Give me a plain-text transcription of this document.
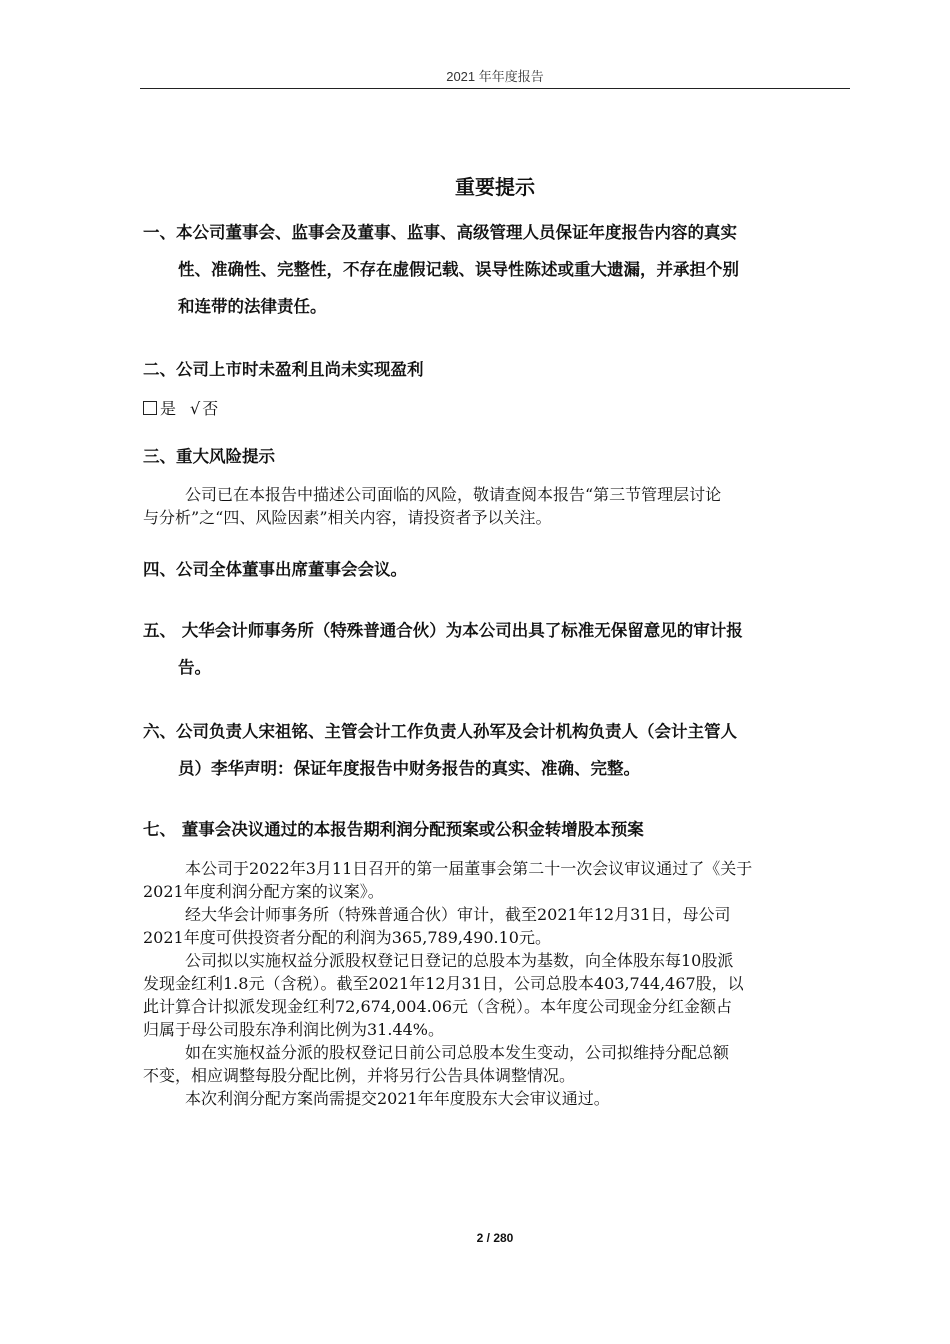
2021 年年度报告
重要提示
一、本公司董事会、监事会及董事、监事、高级管理人员保证年度报告内容的真实
性、准确性、完整性，不存在虚假记载、误导性陈述或重大遗漏，并承担个别
和连带的法律责任。
二、公司上市时未盈利且尚未实现盈利
是 √ 否
三、重大风险提示
公司已在本报告中描述公司面临的风险，敬请查阅本报告“第三节管理层讨论
与分析”之“四、风险因素”相关内容，请投资者予以关注。
四、公司全体董事出席董事会会议。
五、 大华会计师事务所（特殊普通合伙）为本公司出具了标准无保留意见的审计报
告。
六、公司负责人宋祖铭、主管会计工作负责人孙军及会计机构负责人（会计主管人
员）李华声明：保证年度报告中财务报告的真实、准确、完整。
七、 董事会决议通过的本报告期利润分配预案或公积金转增股本预案
本公司于2022年3月11日召开的第一届董事会第二十一次会议审议通过了《关于
2021年度利润分配方案的议案》。
经大华会计师事务所（特殊普通合伙）审计，截至2021年12月31日，母公司
2021年度可供投资者分配的利润为365,789,490.10元。
公司拟以实施权益分派股权登记日登记的总股本为基数，向全体股东每10股派
发现金红利1.8元（含税）。截至2021年12月31日，公司总股本403,744,467股，以
此计算合计拟派发现金红利72,674,004.06元（含税）。本年度公司现金分红金额占
归属于母公司股东净利润比例为31.44%。
如在实施权益分派的股权登记日前公司总股本发生变动，公司拟维持分配总额
不变，相应调整每股分配比例，并将另行公告具体调整情况。
本次利润分配方案尚需提交2021年年度股东大会审议通过。
2 / 280
